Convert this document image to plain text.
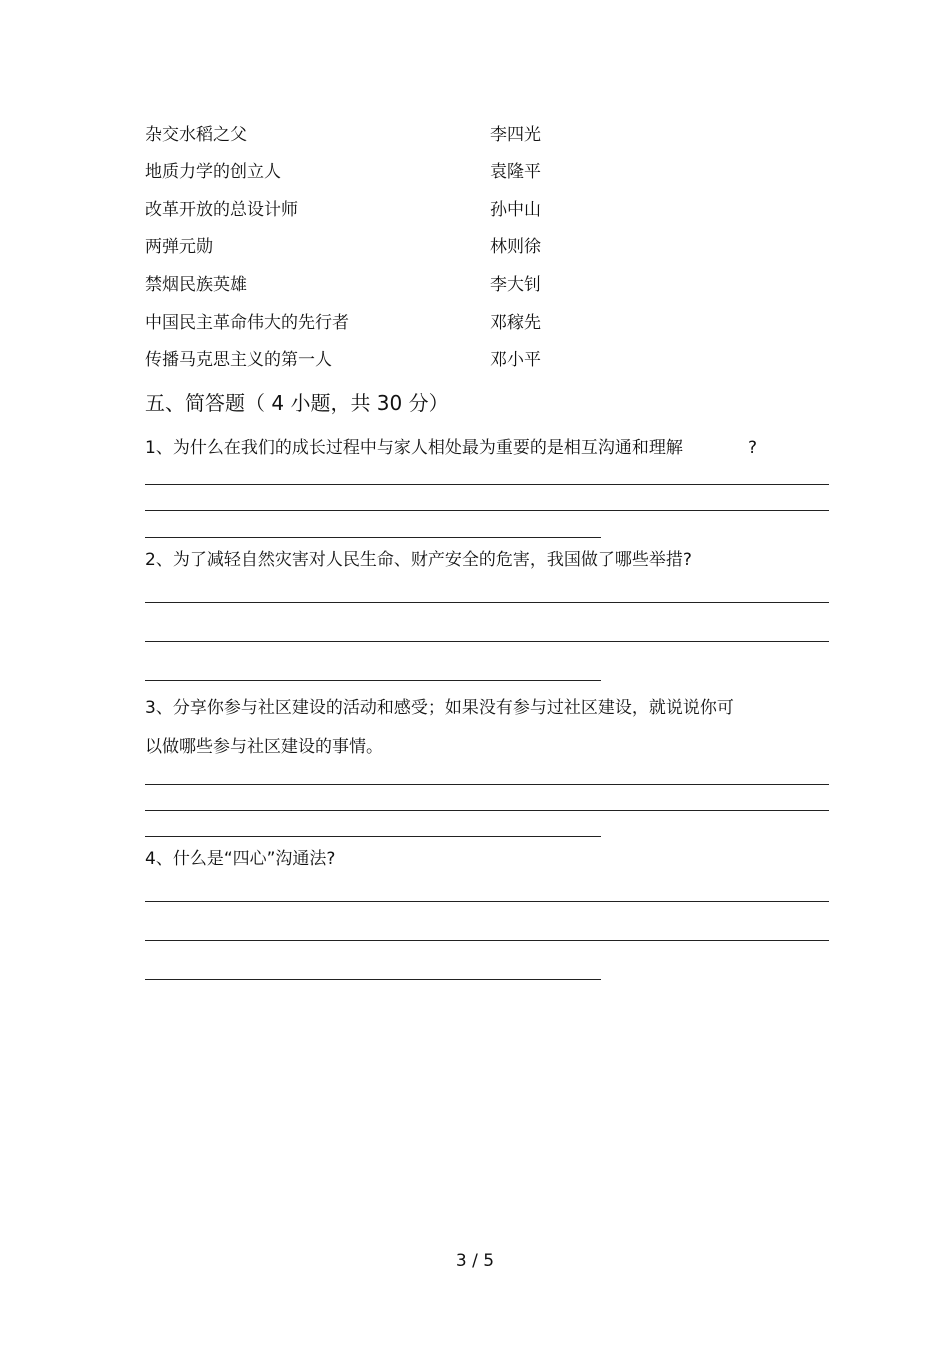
杂交水稻之父
地质力学的创立人
改革开放的总设计师
两弹元勋
禁烟民族英雄
中国民主革命伟大的先行者
传播马克思主义的第一人
李四光
袁隆平
孙中山
林则徐
李大钊
邓稼先
邓小平
五、简答题（ 4 小题，共 30 分）
1、为什么在我们的成长过程中与家人相处最为重要的是相互沟通和理解	?
2、为了减轻自然灾害对人民生命、财产安全的危害，我国做了哪些举措?
3、分享你参与社区建设的活动和感受；如果没有参与过社区建设，就说说你可
以做哪些参与社区建设的事情。
4、什么是“四心”沟通法?
3 / 5
